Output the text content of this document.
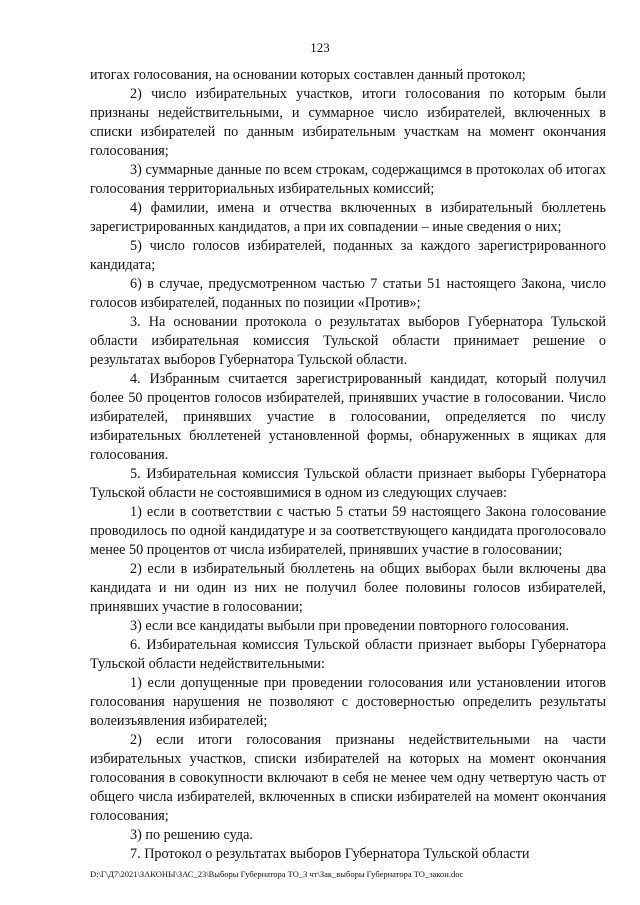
123

итогах голосования, на основании которых составлен данный протокол;

2) число избирательных участков, итоги голосования по которым были признаны недействительными, и суммарное число избирателей, включенных в списки избирателей по данным избирательным участкам на момент окончания голосования;

3) суммарные данные по всем строкам, содержащимся в протоколах об итогах голосования территориальных избирательных комиссий;

4) фамилии, имена и отчества включенных в избирательный бюллетень зарегистрированных кандидатов, а при их совпадении – иные сведения о них;

5) число голосов избирателей, поданных за каждого зарегистрированного кандидата;

6) в случае, предусмотренном частью 7 статьи 51 настоящего Закона, число голосов избирателей, поданных по позиции «Против»;

3. На основании протокола о результатах выборов Губернатора Тульской области избирательная комиссия Тульской области принимает решение о результатах выборов Губернатора Тульской области.

4. Избранным считается зарегистрированный кандидат, который получил более 50 процентов голосов избирателей, принявших участие в голосовании. Число избирателей, принявших участие в голосовании, определяется по числу избирательных бюллетеней установленной формы, обнаруженных в ящиках для голосования.

5. Избирательная комиссия Тульской области признает выборы Губернатора Тульской области не состоявшимися в одном из следующих случаев:

1) если в соответствии с частью 5 статьи 59 настоящего Закона голосование проводилось по одной кандидатуре и за соответствующего кандидата проголосовало менее 50 процентов от числа избирателей, принявших участие в голосовании;

2) если в избирательный бюллетень на общих выборах были включены два кандидата и ни один из них не получил более половины голосов избирателей, принявших участие в голосовании;

3) если все кандидаты выбыли при проведении повторного голосования.

6. Избирательная комиссия Тульской области признает выборы Губернатора Тульской области недействительными:

1) если допущенные при проведении голосования или установлении итогов голосования нарушения не позволяют с достоверностью определить результаты волеизъявления избирателей;

2) если итоги голосования признаны недействительными на части избирательных участков, списки избирателей на которых на момент окончания голосования в совокупности включают в себя не менее чем одну четвертую часть от общего числа избирателей, включенных в списки избирателей на момент окончания голосования;

3) по решению суда.

7. Протокол о результатах выборов Губернатора Тульской области

D:\Г\Д7\2021\ЗАКОНЫ\ЗАС_23\Выборы Губернатора ТО_3 чт\Зак_выборы Губернатора ТО_закон.doc
